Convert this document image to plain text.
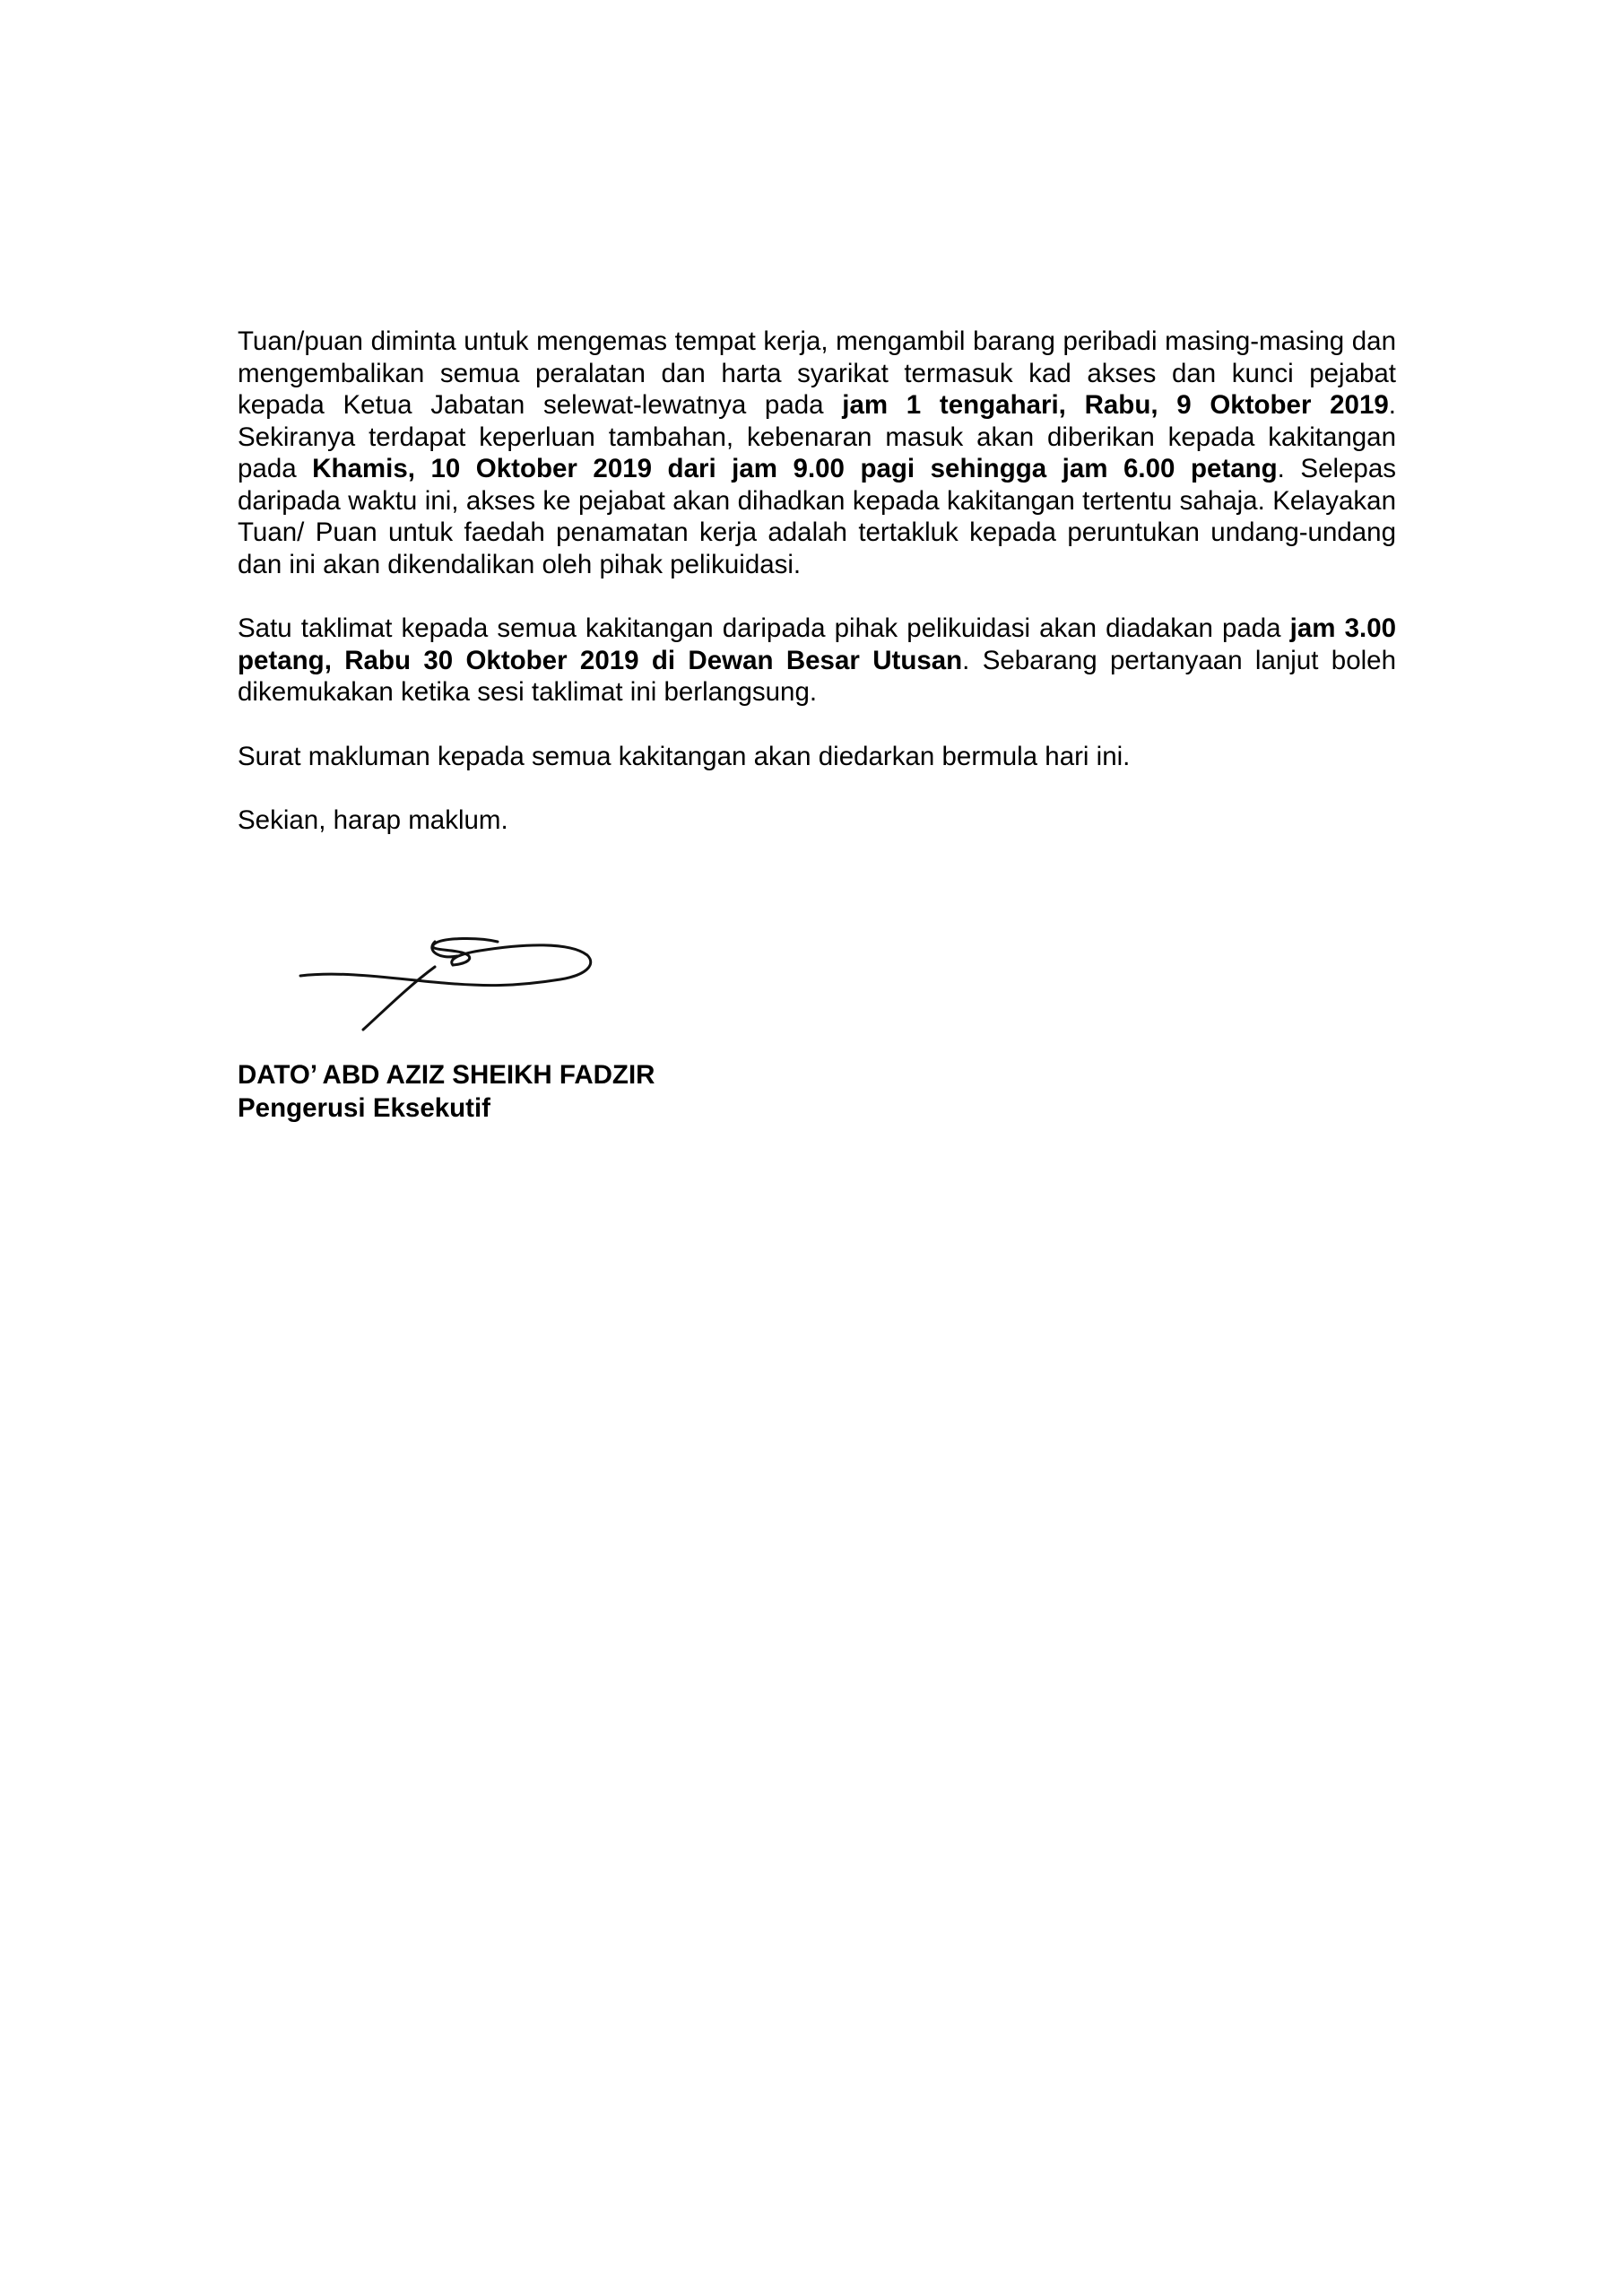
Tuan/puan diminta untuk mengemas tempat kerja, mengambil barang peribadi masing-masing dan mengembalikan semua peralatan dan harta syarikat termasuk kad akses dan kunci pejabat kepada Ketua Jabatan selewat-lewatnya pada jam 1 tengahari, Rabu, 9 Oktober 2019. Sekiranya terdapat keperluan tambahan, kebenaran masuk akan diberikan kepada kakitangan pada Khamis, 10 Oktober 2019 dari jam 9.00 pagi sehingga jam 6.00 petang. Selepas daripada waktu ini, akses ke pejabat akan dihadkan kepada kakitangan tertentu sahaja. Kelayakan Tuan/ Puan untuk faedah penamatan kerja adalah tertakluk kepada peruntukan undang-undang dan ini akan dikendalikan oleh pihak pelikuidasi.

Satu taklimat kepada semua kakitangan daripada pihak pelikuidasi akan diadakan pada jam 3.00 petang, Rabu 30 Oktober 2019 di Dewan Besar Utusan. Sebarang pertanyaan lanjut boleh dikemukakan ketika sesi taklimat ini berlangsung.

Surat makluman kepada semua kakitangan akan diedarkan bermula hari ini.

Sekian, harap maklum.

DATO’ ABD AZIZ SHEIKH FADZIR
Pengerusi Eksekutif
